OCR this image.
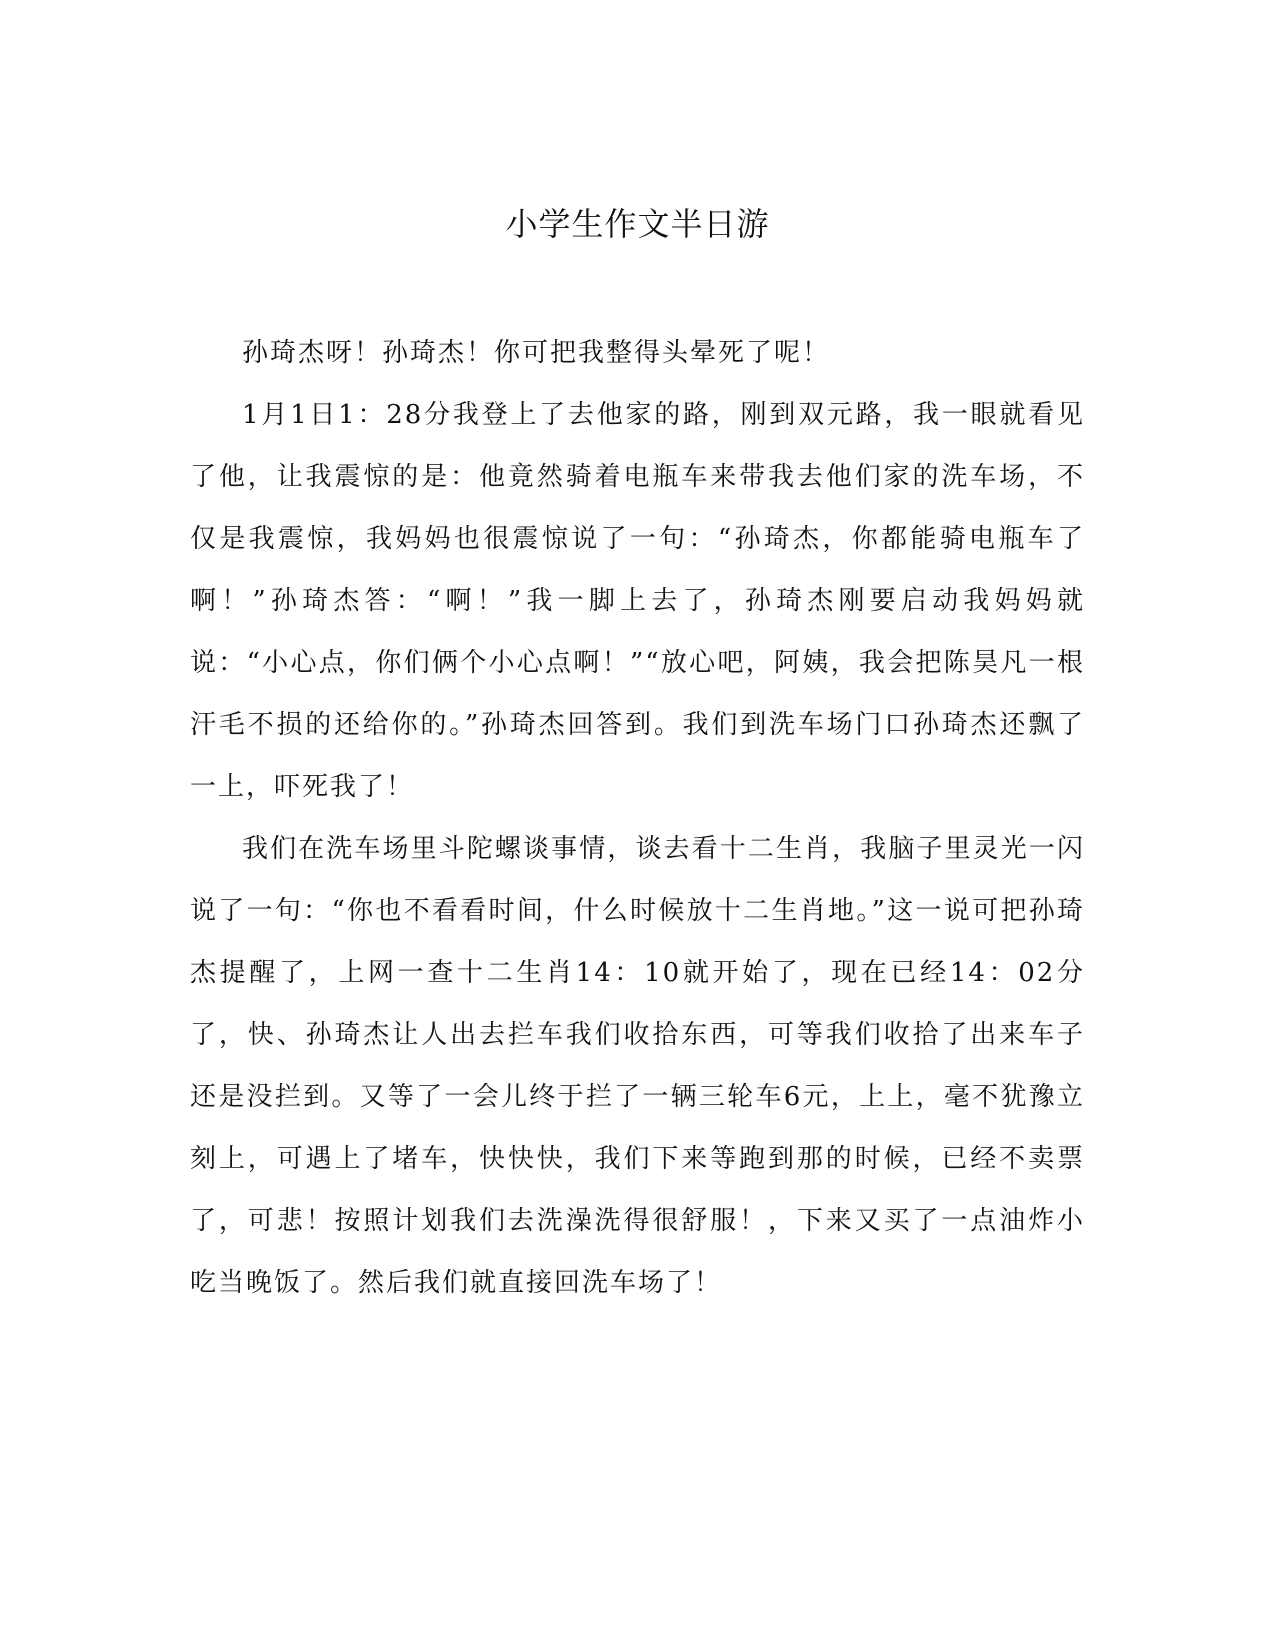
小学生作文半日游

孙琦杰呀！孙琦杰！你可把我整得头晕死了呢！

1月1日1：28分我登上了去他家的路，刚到双元路，我一眼就看见了他，让我震惊的是：他竟然骑着电瓶车来带我去他们家的洗车场，不仅是我震惊，我妈妈也很震惊说了一句：“孙琦杰，你都能骑电瓶车了啊！”孙琦杰答：“啊！”我一脚上去了，孙琦杰刚要启动我妈妈就说：“小心点，你们俩个小心点啊！”“放心吧，阿姨，我会把陈昊凡一根汗毛不损的还给你的。”孙琦杰回答到。我们到洗车场门口孙琦杰还飘了一上，吓死我了！

我们在洗车场里斗陀螺谈事情，谈去看十二生肖，我脑子里灵光一闪说了一句：“你也不看看时间，什么时候放十二生肖地。”这一说可把孙琦杰提醒了，上网一查十二生肖14：10就开始了，现在已经14：02分了，快、孙琦杰让人出去拦车我们收拾东西，可等我们收拾了出来车子还是没拦到。又等了一会儿终于拦了一辆三轮车6元，上上，毫不犹豫立刻上，可遇上了堵车，快快快，我们下来等跑到那的时候，已经不卖票了，可悲！按照计划我们去洗澡洗得很舒服！，下来又买了一点油炸小吃当晚饭了。然后我们就直接回洗车场了！
